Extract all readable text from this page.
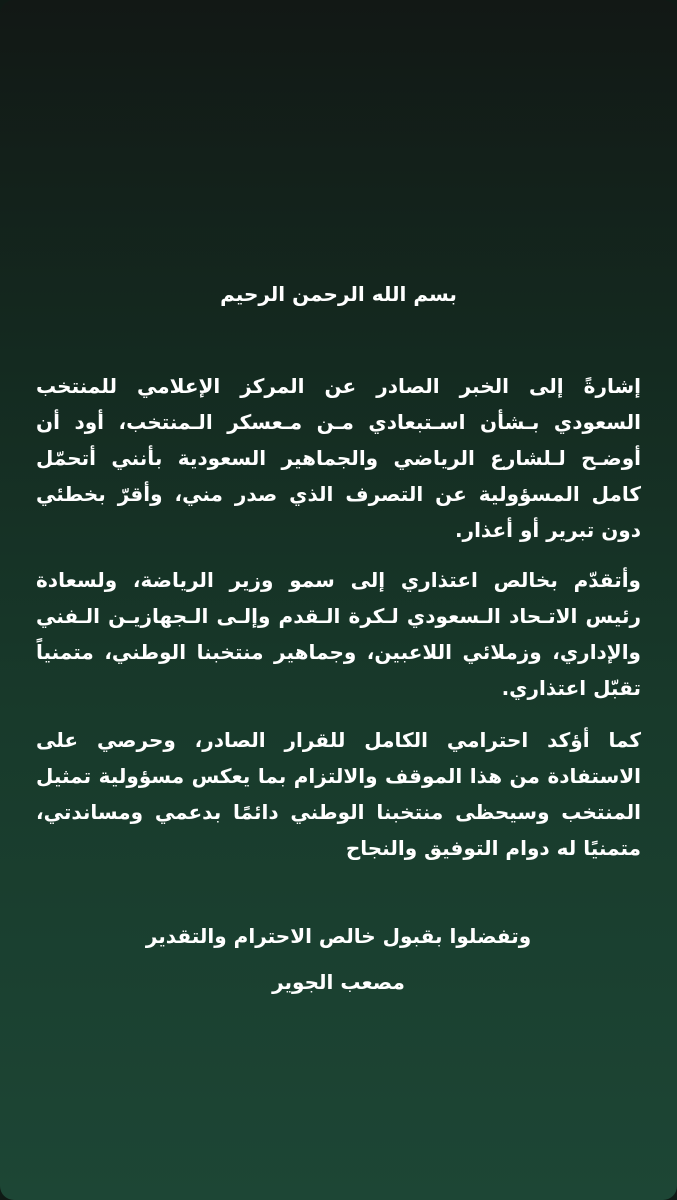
بسم الله الرحمن الرحيم

إشارةً إلى الخبر الصادر عن المركز الإعلامي للمنتخب السعودي بـشأن اسـتبعادي مـن مـعسكر الـمنتخب، أود أن أوضـح لـلشارع الرياضي والجماهير السعودية بأنني أتحمّل كامل المسؤولية عن التصرف الذي صدر مني، وأقرّ بخطئي دون تبرير أو أعذار.

وأتقدّم بخالص اعتذاري إلى سمو وزير الرياضة، ولسعادة رئيس الاتـحاد الـسعودي لـكرة الـقدم وإلـى الـجهازيـن الـفني والإداري، وزملائي اللاعبين، وجماهير منتخبنا الوطني، متمنياً تقبّل اعتذاري.

كما أؤكد احترامي الكامل للقرار الصادر، وحرصي على الاستفادة من هذا الموقف والالتزام بما يعكس مسؤولية تمثيل المنتخب وسيحظى منتخبنا الوطني دائمًا بدعمي ومساندتي، متمنيًا له دوام التوفيق والنجاح

وتفضلوا بقبول خالص الاحترام والتقدير

مصعب الجوير
